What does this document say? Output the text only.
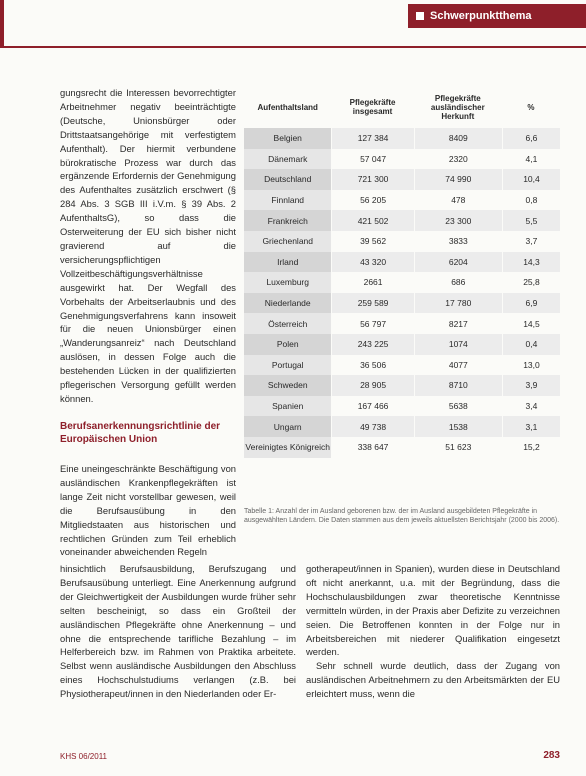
Schwerpunktthema

gungsrecht die Interessen bevorrechtigter Arbeitnehmer negativ beeinträchtigte (Deutsche, Unionsbürger oder Drittstaatsangehörige mit verfestigtem Aufenthalt). Der hiermit verbundene bürokratische Prozess war durch das ergänzende Erfordernis der Genehmigung des Aufenthaltes zusätzlich erschwert (§ 284 Abs. 3 SGB III i.V.m. § 39 Abs. 2 AufenthaltsG), so dass die Osterweiterung der EU sich bisher nicht gravierend auf die versicherungspflichtigen Vollzeitbeschäftigungsverhältnisse ausgewirkt hat. Der Wegfall des Vorbehalts der Arbeitserlaubnis und des Genehmigungsverfahrens kann insoweit für die neuen Unionsbürger einen „Wanderungsanreiz“ nach Deutschland auslösen, in dessen Folge auch die bestehenden Lücken in der qualifizierten pflegerischen Versorgung gefüllt werden können.

Berufsanerkennungsrichtlinie der Europäischen Union

Eine uneingeschränkte Beschäftigung von ausländischen Krankenpflegekräften ist lange Zeit nicht vorstellbar gewesen, weil die Berufsausübung in den Mitgliedstaaten aus historischen und rechtlichen Gründen zum Teil erheblich voneinander abweichenden Regeln

Aufenthaltsland	Pflegekräfte insgesamt	Pflegekräfte ausländischer Herkunft	%
Belgien	127 384	8409	6,6
Dänemark	57 047	2320	4,1
Deutschland	721 300	74 990	10,4
Finnland	56 205	478	0,8
Frankreich	421 502	23 300	5,5
Griechenland	39 562	3833	3,7
Irland	43 320	6204	14,3
Luxemburg	2661	686	25,8
Niederlande	259 589	17 780	6,9
Österreich	56 797	8217	14,5
Polen	243 225	1074	0,4
Portugal	36 506	4077	13,0
Schweden	28 905	8710	3,9
Spanien	167 466	5638	3,4
Ungarn	49 738	1538	3,1
Vereinigtes Königreich	338 647	51 623	15,2

Tabelle 1: Anzahl der im Ausland geborenen bzw. der im Ausland ausgebildeten Pflegekräfte in ausgewählten Ländern. Die Daten stammen aus dem jeweils aktuellsten Berichtsjahr (2000 bis 2006).

hinsichtlich Berufsausbildung, Berufszugang und Berufsausübung unterliegt. Eine Anerkennung aufgrund der Gleichwertigkeit der Ausbildungen wurde früher sehr selten bescheinigt, so dass ein Großteil der ausländischen Pflegekräfte ohne Anerkennung – und ohne die entsprechende tarifliche Bezahlung – im Helferbereich bzw. im Rahmen von Praktika arbeitete. Selbst wenn ausländische Ausbildungen den Abschluss eines Hochschulstudiums verlangen (z.B. bei Physiotherapeut/innen in den Niederlanden oder Er-

gotherapeut/innen in Spanien), wurden diese in Deutschland oft nicht anerkannt, u.a. mit der Begründung, dass die Hochschulausbildungen zwar theoretische Kenntnisse vermitteln würden, in der Praxis aber Defizite zu verzeichnen seien. Die Betroffenen konnten in der Folge nur in Arbeitsbereichen mit niederer Qualifikation eingesetzt werden.

Sehr schnell wurde deutlich, dass der Zugang von ausländischen Arbeitnehmern zu den Arbeitsmärkten der EU erleichtert muss, wenn die

KHS 06/2011	283
